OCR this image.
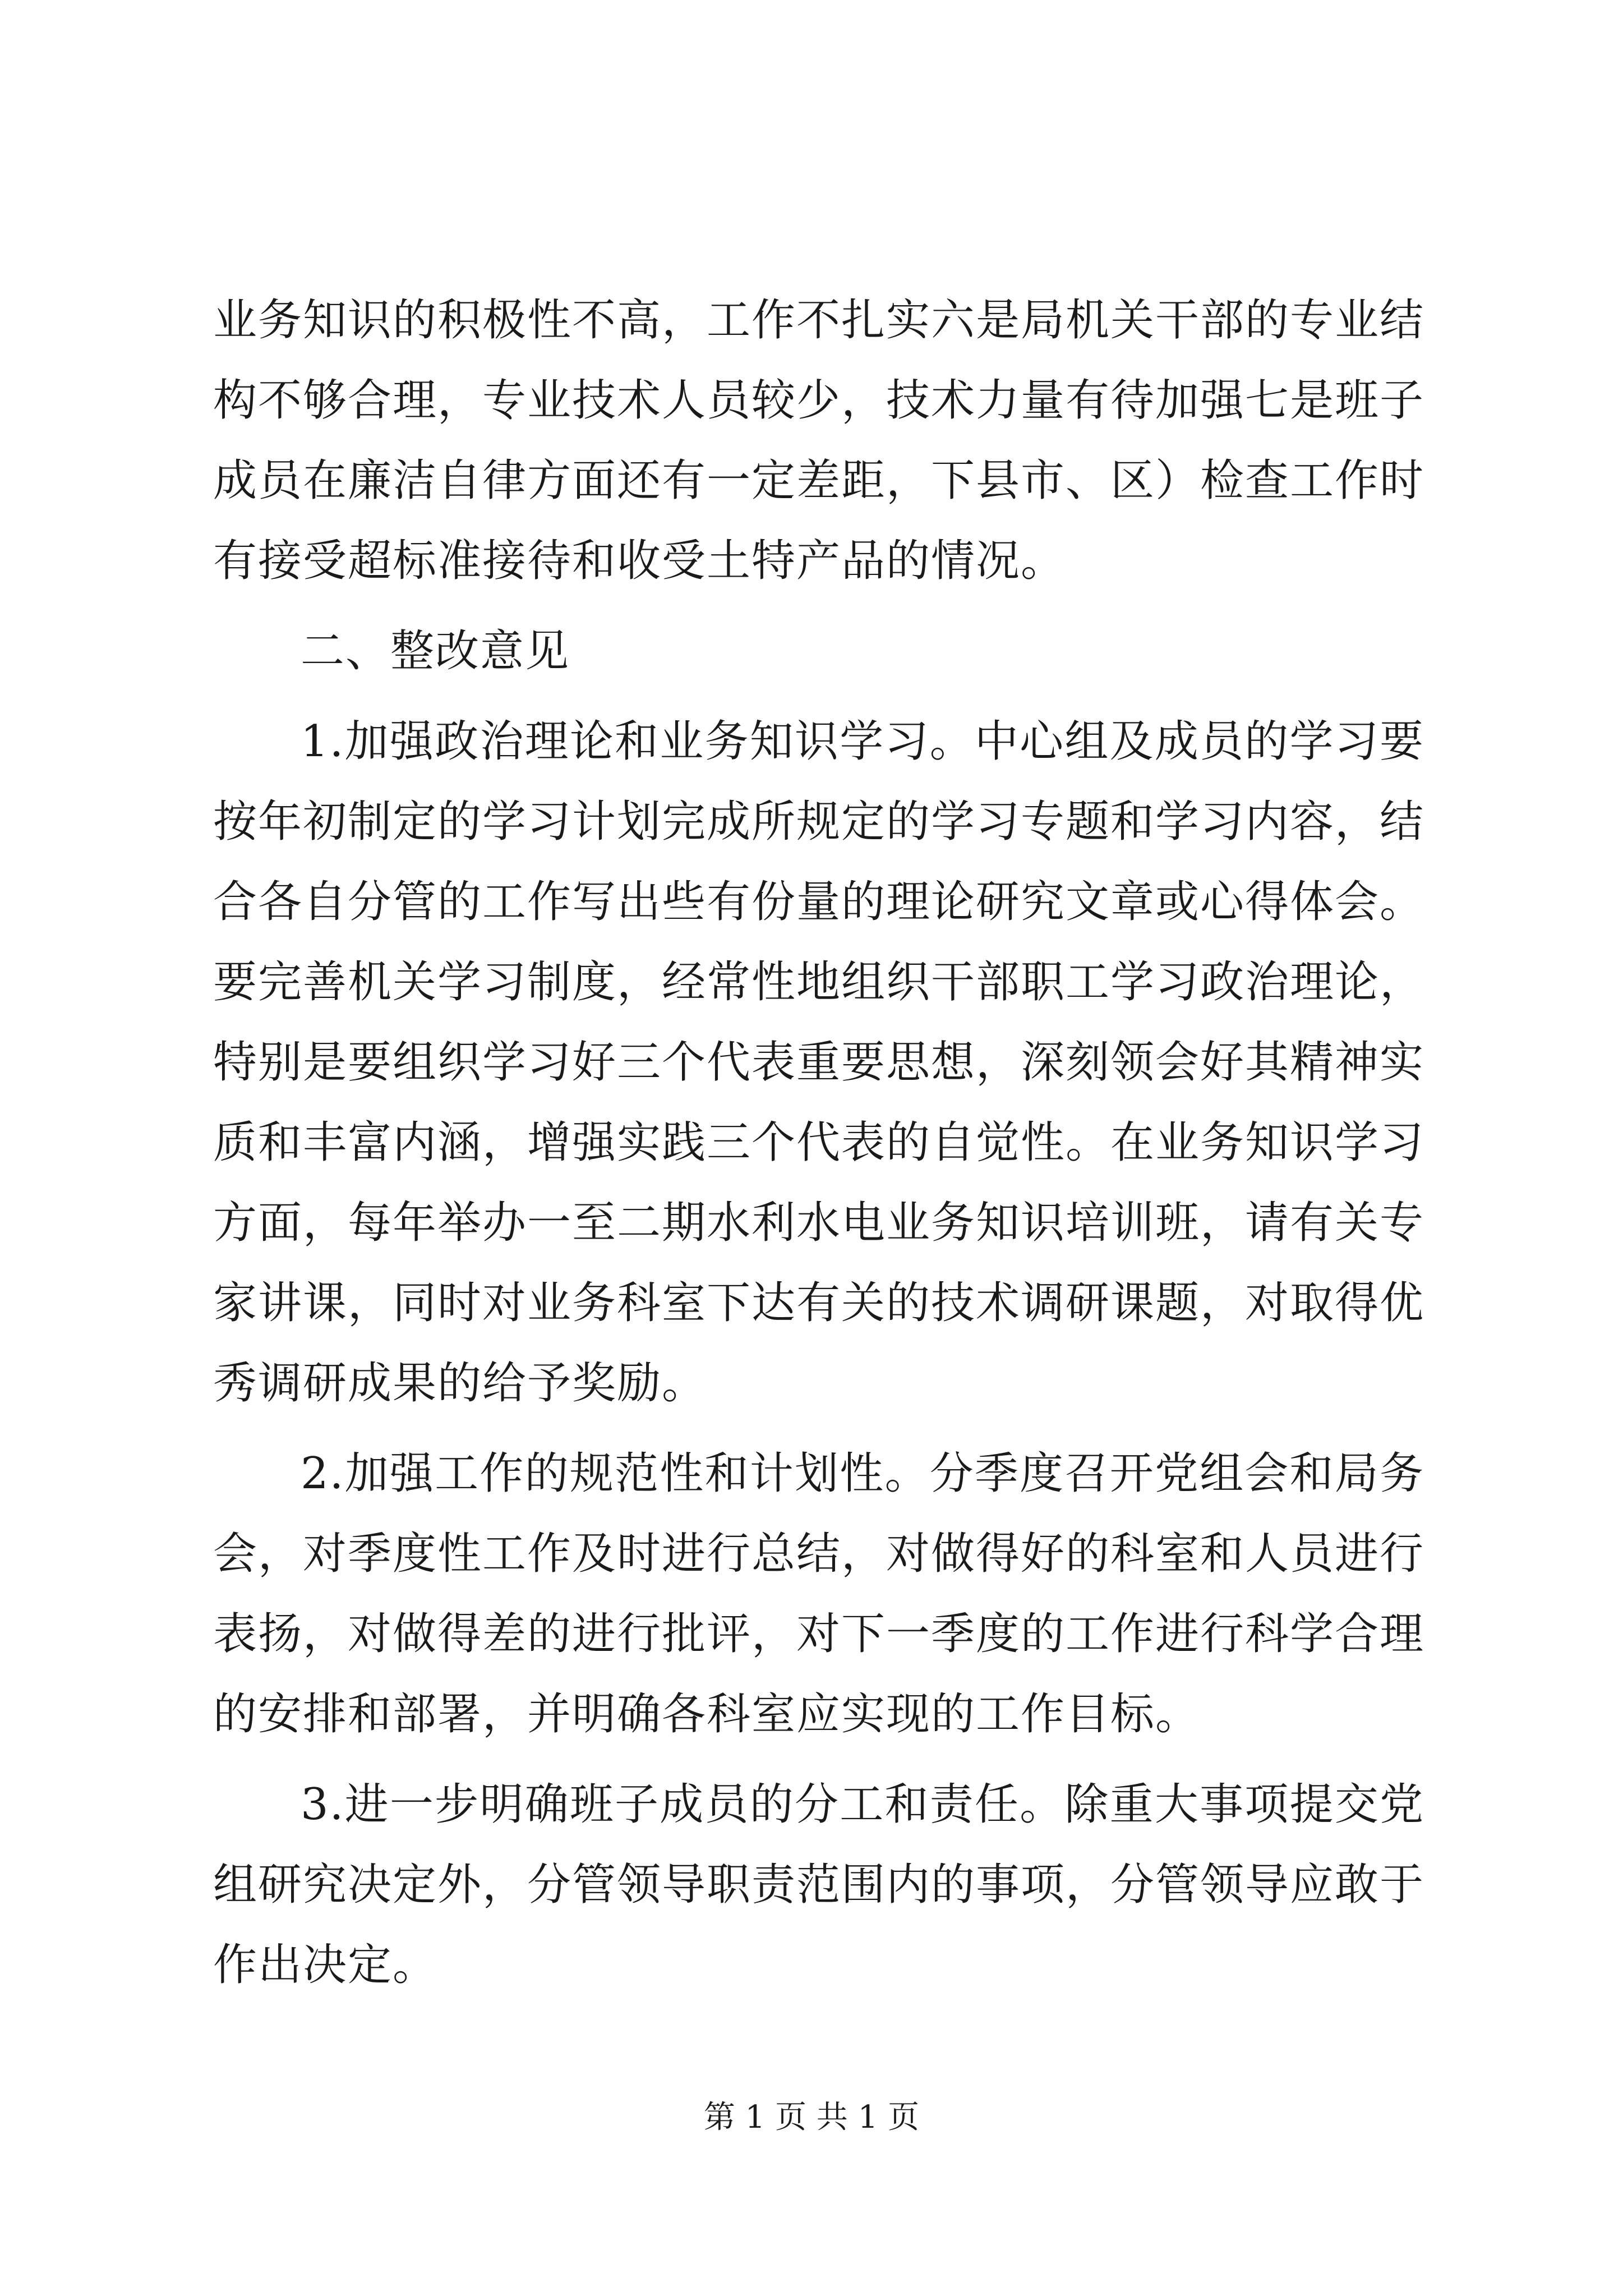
业务知识的积极性不高，工作不扎实六是局机关干部的专业结构不够合理，专业技术人员较少，技术力量有待加强七是班子成员在廉洁自律方面还有一定差距，下县市、区）检查工作时有接受超标准接待和收受土特产品的情况。

二、整改意见

1.加强政治理论和业务知识学习。中心组及成员的学习要按年初制定的学习计划完成所规定的学习专题和学习内容，结合各自分管的工作写出些有份量的理论研究文章或心得体会。要完善机关学习制度，经常性地组织干部职工学习政治理论，特别是要组织学习好三个代表重要思想，深刻领会好其精神实质和丰富内涵，增强实践三个代表的自觉性。在业务知识学习方面，每年举办一至二期水利水电业务知识培训班，请有关专家讲课，同时对业务科室下达有关的技术调研课题，对取得优秀调研成果的给予奖励。

2.加强工作的规范性和计划性。分季度召开党组会和局务会，对季度性工作及时进行总结，对做得好的科室和人员进行表扬，对做得差的进行批评，对下一季度的工作进行科学合理的安排和部署，并明确各科室应实现的工作目标。

3.进一步明确班子成员的分工和责任。除重大事项提交党组研究决定外，分管领导职责范围内的事项，分管领导应敢于作出决定。

第 1 页 共 1 页
